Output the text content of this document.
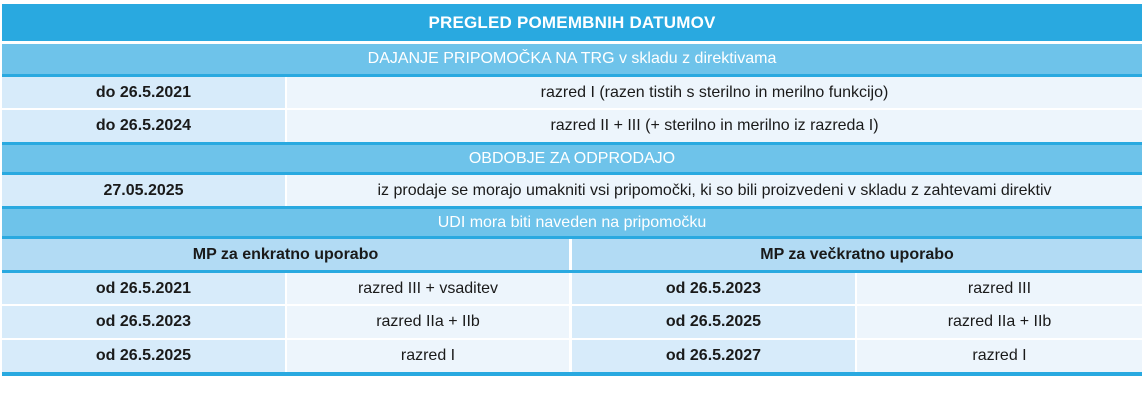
PREGLED POMEMBNIH DATUMOV
DAJANJE PRIPOMOČKA NA TRG v skladu z direktivama
do 26.5.2021	razred I (razen tistih s sterilno in merilno funkcijo)
do 26.5.2024	razred II + III (+ sterilno in merilno iz razreda I)
OBDOBJE ZA ODPRODAJO
27.05.2025	iz prodaje se morajo umakniti vsi pripomočki, ki so bili proizvedeni v skladu z zahtevami direktiv
UDI mora biti naveden na pripomočku
MP za enkratno uporabo	MP za večkratno uporabo
od 26.5.2021	razred III + vsaditev	od 26.5.2023	razred III
od 26.5.2023	razred IIa + IIb	od 26.5.2025	razred IIa + IIb
od 26.5.2025	razred I	od 26.5.2027	razred I
